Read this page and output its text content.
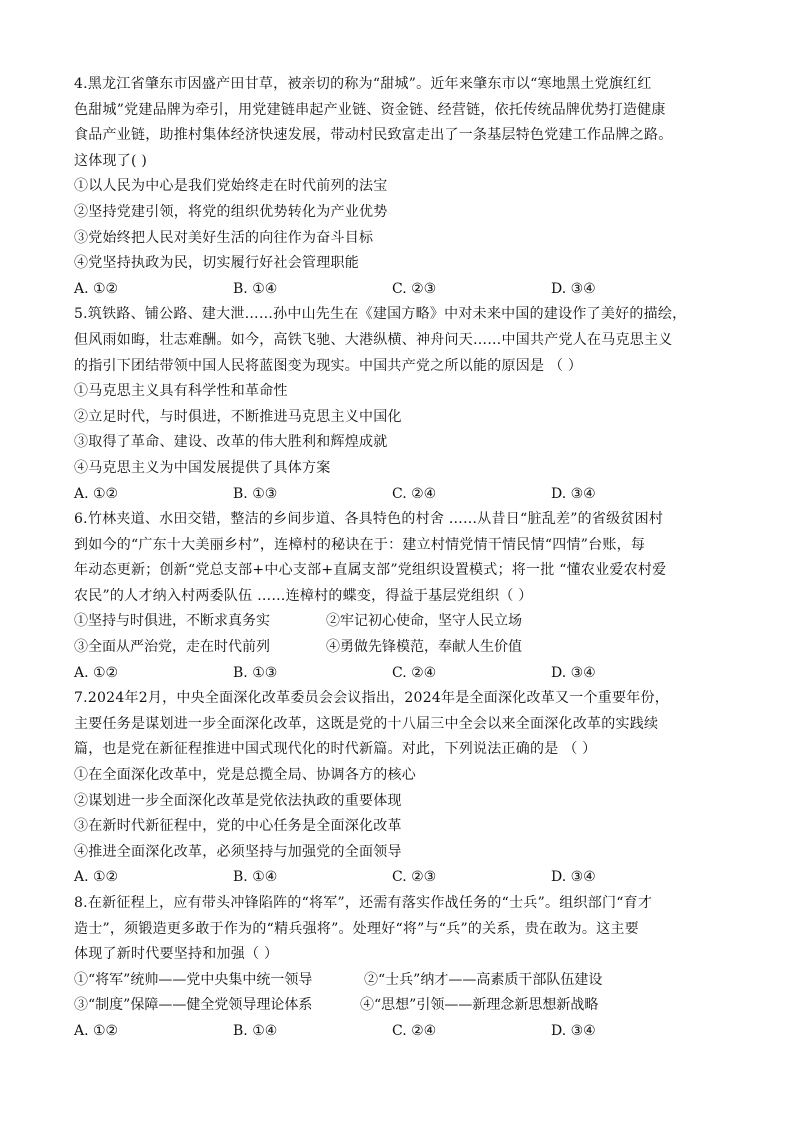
4.黑龙江省肇东市因盛产田甘草，被亲切的称为“甜城”。近年来肇东市以“寒地黑土党旗红红
色甜城”党建品牌为牵引，用党建链串起产业链、资金链、经营链，依托传统品牌优势打造健康
食品产业链，助推村集体经济快速发展，带动村民致富走出了一条基层特色党建工作品牌之路。
这体现了( )
①以人民为中心是我们党始终走在时代前列的法宝
②坚持党建引领，将党的组织优势转化为产业优势
③党始终把人民对美好生活的向往作为奋斗目标
④党坚持执政为民，切实履行好社会管理职能
A. ①②	B. ①④	C. ②③	D. ③④
5.筑铁路、铺公路、建大泄……孙中山先生在《建国方略》中对未来中国的建设作了美好的描绘，
但风雨如晦，壮志难酬。如今，高铁飞驰、大港纵横、神舟问天……中国共产党人在马克思主义
的指引下团结带领中国人民将蓝图变为现实。中国共产党之所以能的原因是 （ ）
①马克思主义具有科学性和革命性
②立足时代，与时俱进，不断推进马克思主义中国化
③取得了革命、建设、改革的伟大胜利和辉煌成就
④马克思主义为中国发展提供了具体方案
A. ①②	B. ①③	C. ②④	D. ③④
6.竹林夹道、水田交错，整洁的乡间步道、各具特色的村舍 ……从昔日“脏乱差”的省级贫困村
到如今的“广东十大美丽乡村”，连樟村的秘诀在于：建立村情党情干情民情“四情”台账，每
年动态更新；创新“党总支部+中心支部+直属支部”党组织设置模式；将一批 “懂农业爱农村爱
农民”的人才纳入村两委队伍 ……连樟村的蝶变，得益于基层党组织（ ）
①坚持与时俱进，不断求真务实	②牢记初心使命，坚守人民立场
③全面从严治党，走在时代前列	④勇做先锋模范，奉献人生价值
A. ①②	B. ①③	C. ②④	D. ③④
7.2024年2月，中央全面深化改革委员会会议指出，2024年是全面深化改革又一个重要年份，
主要任务是谋划进一步全面深化改革，这既是党的十八届三中全会以来全面深化改革的实践续
篇，也是党在新征程推进中国式现代化的时代新篇。对此，下列说法正确的是 （ ）
①在全面深化改革中，党是总揽全局、协调各方的核心
②谋划进一步全面深化改革是党依法执政的重要体现
③在新时代新征程中，党的中心任务是全面深化改革
④推进全面深化改革，必须坚持与加强党的全面领导
A. ①②	B. ①④	C. ②③	D. ③④
8.在新征程上，应有带头冲锋陷阵的“将军”，还需有落实作战任务的“士兵”。组织部门“育才
造士”，须锻造更多敢于作为的“精兵强将”。处理好“将”与“兵”的关系，贵在敢为。这主要
体现了新时代要坚持和加强（ ）
①“将军”统帅——党中央集中统一领导	②“士兵”纳才——高素质干部队伍建设
③“制度”保障——健全党领导理论体系	④“思想”引领——新理念新思想新战略
A. ①②	B. ①④	C. ②④	D. ③④
